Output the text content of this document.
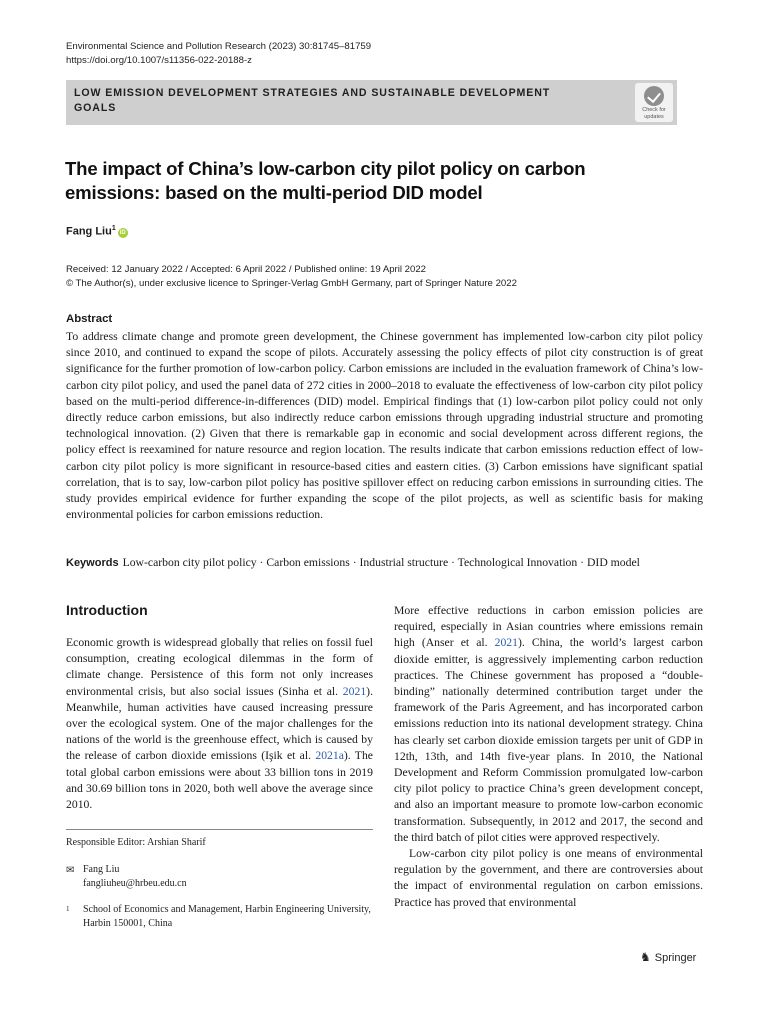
Environmental Science and Pollution Research (2023) 30:81745–81759
https://doi.org/10.1007/s11356-022-20188-z
LOW EMISSION DEVELOPMENT STRATEGIES AND SUSTAINABLE DEVELOPMENT GOALS	Check for
updates
The impact of China’s low-carbon city pilot policy on carbon emissions: based on the multi-period DID model
Fang Liu$^1$iD
Received: 12 January 2022 / Accepted: 6 April 2022 / Published online: 19 April 2022
© The Author(s), under exclusive licence to Springer-Verlag GmbH Germany, part of Springer Nature 2022
Abstract
To address climate change and promote green development, the Chinese government has implemented low-carbon city pilot policy since 2010, and continued to expand the scope of pilots. Accurately assessing the policy effects of pilot city construction is of great significance for the further promotion of low-carbon policy. Carbon emissions are included in the evaluation framework of China’s low-carbon city pilot policy, and used the panel data of 272 cities in 2000–2018 to evaluate the effectiveness of low-carbon city pilot policy based on the multi-period difference-in-differences (DID) model. Empirical findings that (1) low-carbon pilot policy could not only directly reduce carbon emissions, but also indirectly reduce carbon emissions through upgrading industrial structure and promoting technological innovation. (2) Given that there is remarkable gap in economic and social development across different regions, the policy effect is reexamined for nature resource and region location. The results indicate that carbon emissions reduction effect of low-carbon city pilot policy is more significant in resource-based cities and eastern cities. (3) Carbon emissions have significant spatial correlation, that is to say, low-carbon pilot policy has positive spillover effect on reducing carbon emissions in surrounding cities. The study provides empirical evidence for further expanding the scope of the pilot projects, as well as scientific basis for making environmental policies for carbon emissions reduction.
Keywords Low-carbon city pilot policy · Carbon emissions · Industrial structure · Technological Innovation · DID model
Introduction

Economic growth is widespread globally that relies on fossil fuel consumption, creating ecological dilemmas in the form of climate change. Persistence of this form not only increases environmental crisis, but also social issues (Sinha et al. 2021). Meanwhile, human activities have caused increasing pressure over the ecological system. One of the major challenges for the nations of the world is the greenhouse effect, which is caused by the release of carbon dioxide emissions (Işik et al. 2021a). The total global carbon emissions were about 33 billion tons in 2019 and 30.69 billion tons in 2020, both well above the average since 2010.

More effective reductions in carbon emission policies are required, especially in Asian countries where emissions remain high (Anser et al. 2021). China, the world’s largest carbon dioxide emitter, is aggressively implementing carbon reduction practices. The Chinese government has proposed a “double-binding” nationally determined contribution target under the framework of the Paris Agreement, and has incorporated carbon emissions reduction into its national development strategy. China has clearly set carbon dioxide emission targets per unit of GDP in 12th, 13th, and 14th five-year plans. In 2010, the National Development and Reform Commission promulgated low-carbon city pilot policy to practice China’s green development concept, and also an important measure to promote low-carbon economic transformation. Subsequently, in 2012 and 2017, the second and the third batch of pilot cities were approved respectively.

Low-carbon city pilot policy is one means of environmental regulation by the government, and there are controversies about the impact of environmental regulation on carbon emissions. Practice has proved that environmental

Responsible Editor: Arshian Sharif
✉ Fang Liu
fangliuheu@hrbeu.edu.cn
1 School of Economics and Management, Harbin Engineering University, Harbin 150001, China
♞ Springer
